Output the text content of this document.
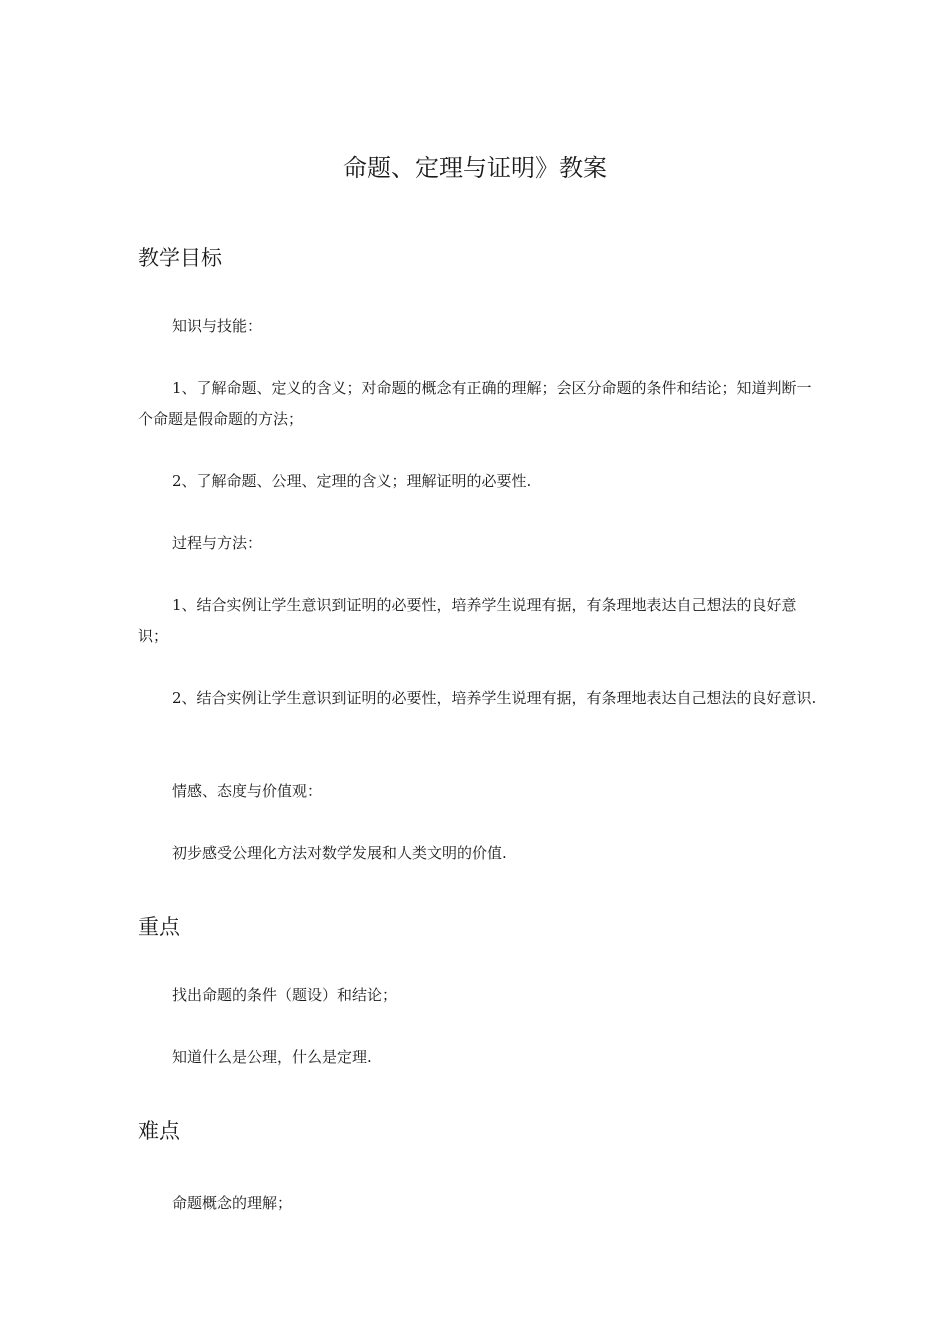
命题、定理与证明》教案
教学目标

知识与技能：

1、了解命题、定义的含义；对命题的概念有正确的理解；会区分命题的条件和结论；知道判断一个命题是假命题的方法；

2、了解命题、公理、定理的含义；理解证明的必要性.

过程与方法：

1、结合实例让学生意识到证明的必要性，培养学生说理有据，有条理地表达自己想法的良好意识；

2、结合实例让学生意识到证明的必要性，培养学生说理有据，有条理地表达自己想法的良好意识.

情感、态度与价值观：

初步感受公理化方法对数学发展和人类文明的价值.

重点

找出命题的条件（题设）和结论；

知道什么是公理，什么是定理.

难点

命题概念的理解；
